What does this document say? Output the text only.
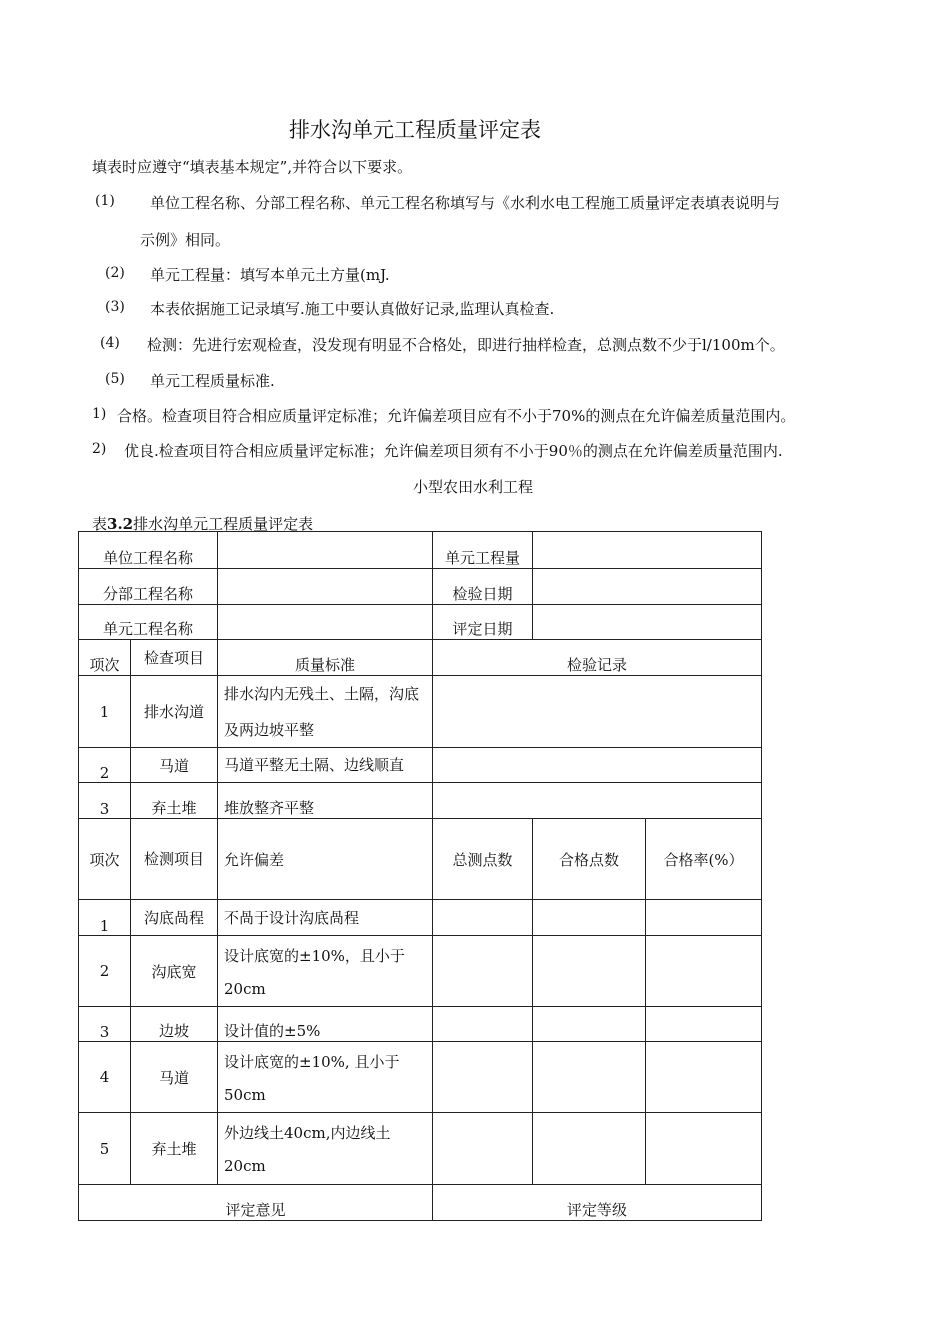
排水沟单元工程质量评定表
填表时应遵守“填表基本规定”,并符合以下要求。
(1) 单位工程名称、分部工程名称、单元工程名称填写与《水利水电工程施工质量评定表填表说明与
示例》相同。
(2) 单元工程量：填写本单元土方量(mJ.
(3) 本表依据施工记录填写.施工中要认真做好记录,监理认真检查.
(4) 检测：先进行宏观检查，没发现有明显不合格处，即进行抽样检查，总测点数不少于l/100m个。
(5) 单元工程质量标准.
1) 合格。检查项目符合相应质量评定标准；允许偏差项目应有不小于70%的测点在允许偏差质量范围内。
2) 优良.检查项目符合相应质量评定标准；允许偏差项目须有不小于90％的测点在允许偏差质量范围内.
小型农田水利工程
表3.2排水沟单元工程质量评定表
单位工程名称			单元工程量		
分部工程名称			检验日期		
单元工程名称			评定日期		
项次	检查项目	质量标准	检验记录		
1	排水沟道	排水沟内无残土、土隔，沟底
及两边坡平整			

2	马道	马道平整无土隔、边线顺直			
3	弃土堆	堆放整齐平整			
项次	检测项目	允许偏差	总测点数	合格点数	合格率(%）
1	沟底咼程	不咼于设计沟底咼程			
2	沟底宽	设计底宽的±10%，且小于
20cm			

3	边坡	设计值的±5%			
4	马道	设计底宽的±10%, 且小于
50cm			

5	弃土堆	外边线土40cm,内边线土
20cm			

评定意见			评定等级		
